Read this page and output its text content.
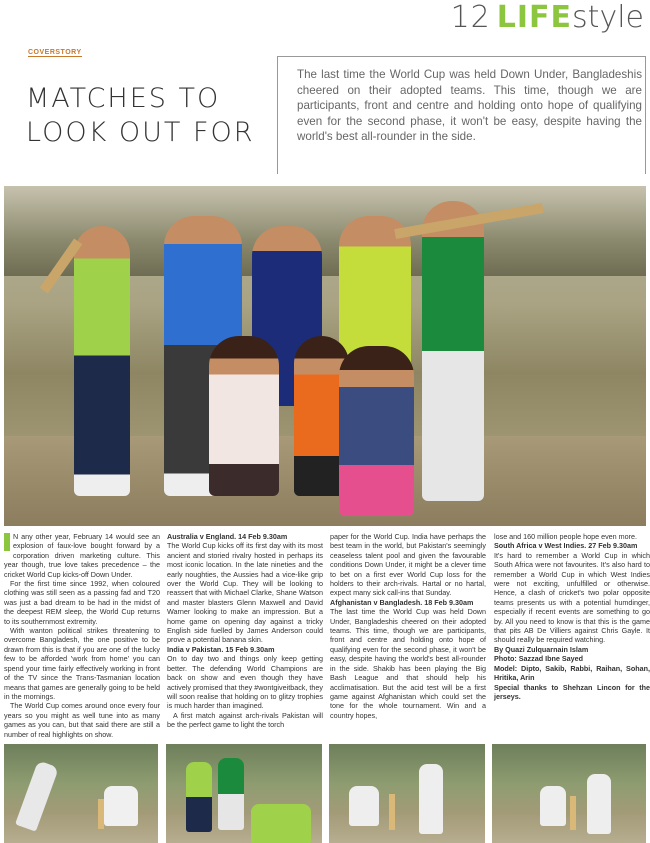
12 LIFE style
COVERSTORY
MATCHES TO
LOOK OUT FOR
The last time the World Cup was held Down Under, Bangladeshis cheered on their adopted teams. This time, though we are participants, front and centre and holding onto hope of qualifying even for the second phase, it won't be easy, despite having the world's best all-rounder in the side.

N any other year, February 14 would see an explosion of faux-love bought forward by a corporation driven marketing culture. This year though, true love takes precedence – the cricket World Cup kicks-off Down Under.

For the first time since 1992, when coloured clothing was still seen as a passing fad and T20 was just a bad dream to be had in the midst of the deepest REM sleep, the World Cup returns to its southernmost extremity.

With wanton political strikes threatening to overcome Bangladesh, the one positive to be drawn from this is that if you are one of the lucky few to be afforded 'work from home' you can spend your time fairly effectively working in front of the TV since the Trans-Tasmanian location means that games are generally going to be held in the mornings.

The World Cup comes around once every four years so you might as well tune into as many games as you can, but that said there are still a number of real highlights on show.

Australia v England. 14 Feb 9.30am

The World Cup kicks off its first day with its most ancient and storied rivalry hosted in perhaps its most iconic location. In the late nineties and the early noughties, the Aussies had a vice-like grip over the World Cup. They will be looking to reassert that with Michael Clarke, Shane Watson and master blasters Glenn Maxwell and David Warner looking to make an impression. But a home game on opening day against a tricky English side fuelled by James Anderson could prove a potential banana skin.

India v Pakistan. 15 Feb 9.30am

On to day two and things only keep getting better. The defending World Champions are back on show and even though they have actively promised that they #wontgiveitback, they will soon realise that holding on to glitzy trophies is much harder than imagined.

A first match against arch-rivals Pakistan will be the perfect game to light the torch

paper for the World Cup. India have perhaps the best team in the world, but Pakistan's seemingly ceaseless talent pool and given the favourable conditions Down Under, it might be a clever time to bet on a first ever World Cup loss for the holders to their arch-rivals. Hartal or no hartal, expect many sick call-ins that Sunday.

Afghanistan v Bangladesh. 18 Feb 9.30am

The last time the World Cup was held Down Under, Bangladeshis cheered on their adopted teams. This time, though we are participants, front and centre and holding onto hope of qualifying even for the second phase, it won't be easy, despite having the world's best all-rounder in the side. Shakib has been playing the Big Bash League and that should help his acclimatisation. But the acid test will be a first game against Afghanistan which could set the tone for the whole tournament. Win and a country hopes,

lose and 160 million people hope even more.

South Africa v West Indies. 27 Feb 9.30am

It's hard to remember a World Cup in which South Africa were not favourites. It's also hard to remember a World Cup in which West Indies were not exciting, unfulfilled or otherwise. Hence, a clash of cricket's two polar opposite teams presents us with a potential humdinger, especially if recent events are something to go by. All you need to know is that this is the game that pits AB De Villiers against Chris Gayle. It should really be required watching.

By Quazi Zulquarnain Islam

Photo: Sazzad Ibne Sayed

Model: Dipto, Sakib, Rabbi, Raihan, Sohan, Hritika, Arin

Special thanks to Shehzan Lincon for the jerseys.
